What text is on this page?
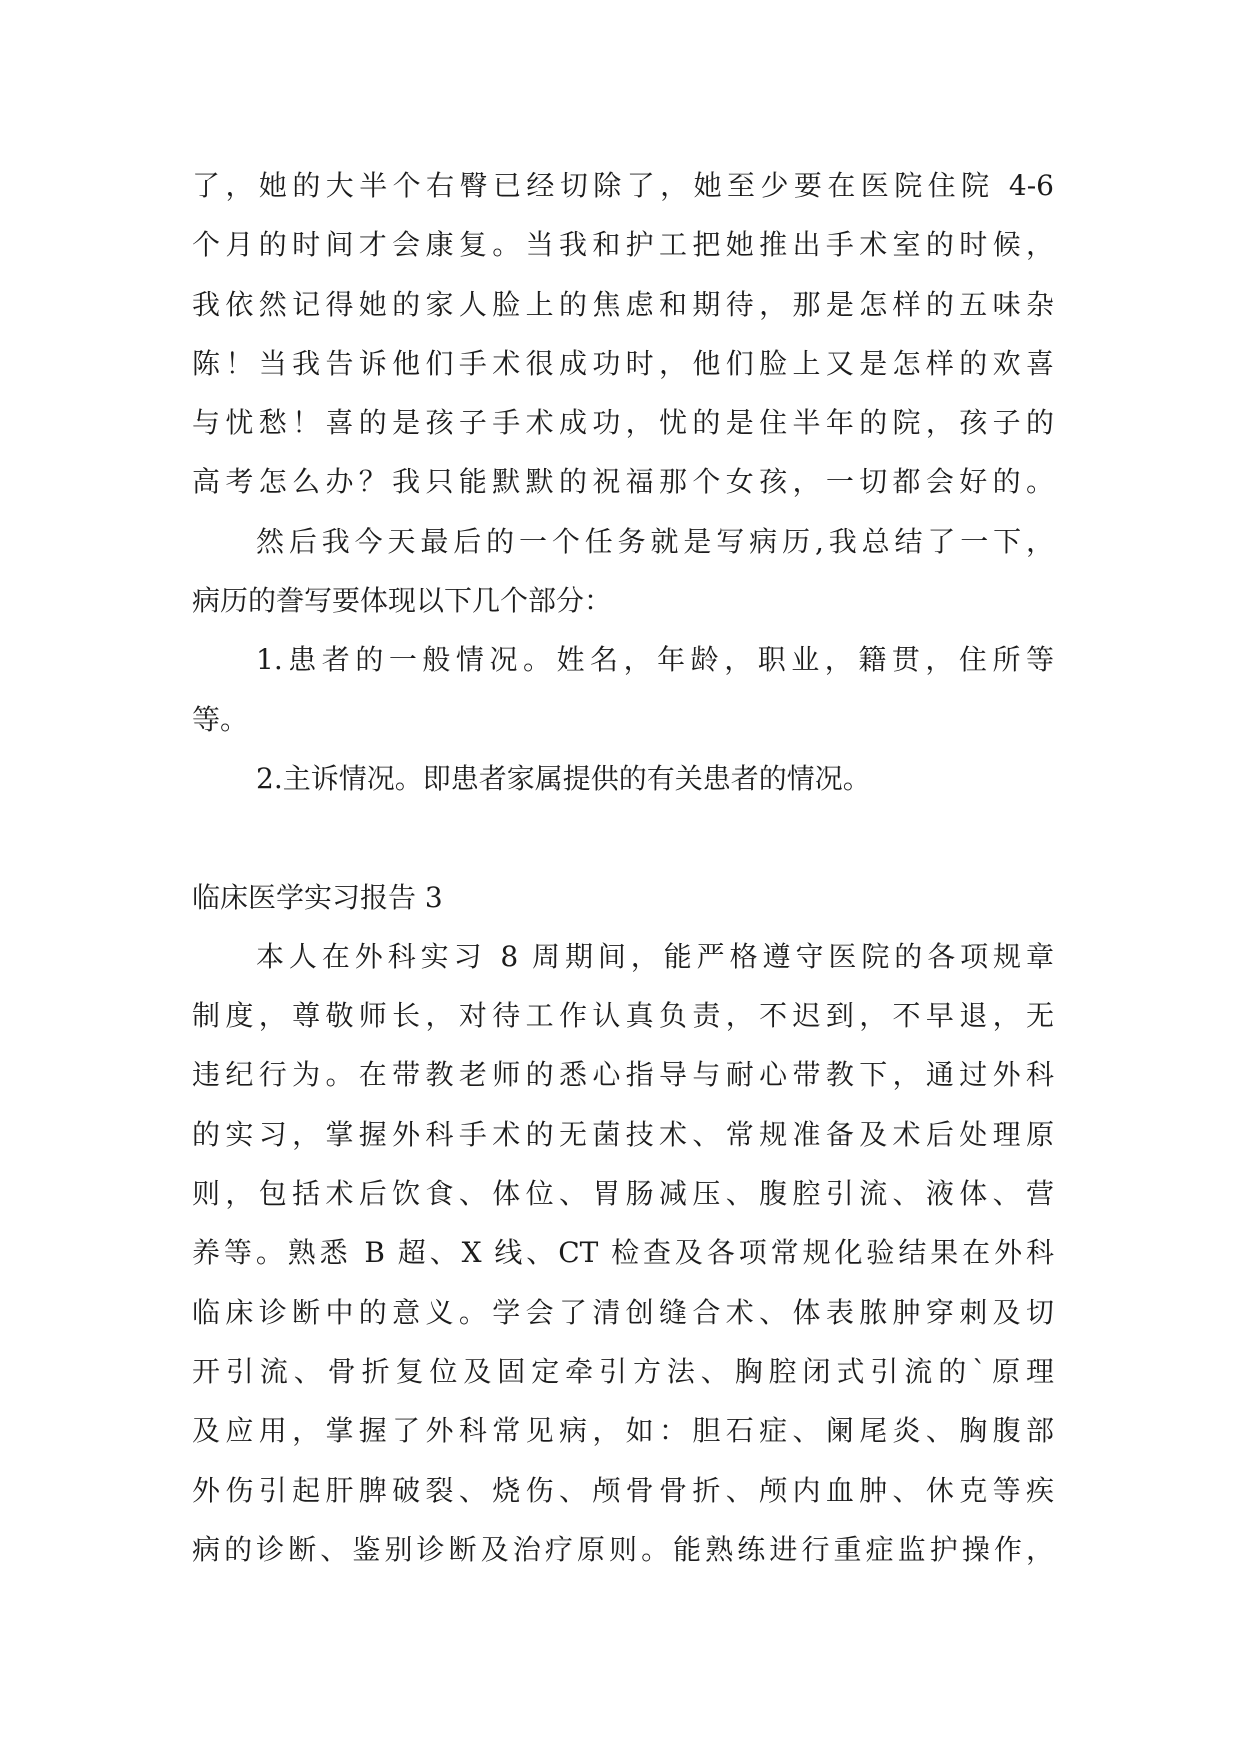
了，她的大半个右臀已经切除了，她至少要在医院住院 4-6
个月的时间才会康复。当我和护工把她推出手术室的时候，
我依然记得她的家人脸上的焦虑和期待，那是怎样的五味杂
陈！当我告诉他们手术很成功时，他们脸上又是怎样的欢喜
与忧愁！喜的是孩子手术成功，忧的是住半年的院，孩子的
高考怎么办？我只能默默的祝福那个女孩，一切都会好的。
然后我今天最后的一个任务就是写病历,我总结了一下，
病历的誊写要体现以下几个部分：
1.患者的一般情况。姓名，年龄，职业，籍贯，住所等
等。
2.主诉情况。即患者家属提供的有关患者的情况。
临床医学实习报告 3
本人在外科实习 8 周期间，能严格遵守医院的各项规章
制度，尊敬师长，对待工作认真负责，不迟到，不早退，无
违纪行为。在带教老师的悉心指导与耐心带教下，通过外科
的实习，掌握外科手术的无菌技术、常规准备及术后处理原
则，包括术后饮食、体位、胃肠减压、腹腔引流、液体、营
养等。熟悉 B 超、X 线、CT 检查及各项常规化验结果在外科
临床诊断中的意义。学会了清创缝合术、体表脓肿穿刺及切
开引流、骨折复位及固定牵引方法、胸腔闭式引流的`原理
及应用，掌握了外科常见病，如：胆石症、阑尾炎、胸腹部
外伤引起肝脾破裂、烧伤、颅骨骨折、颅内血肿、休克等疾
病的诊断、鉴别诊断及治疗原则。能熟练进行重症监护操作，
